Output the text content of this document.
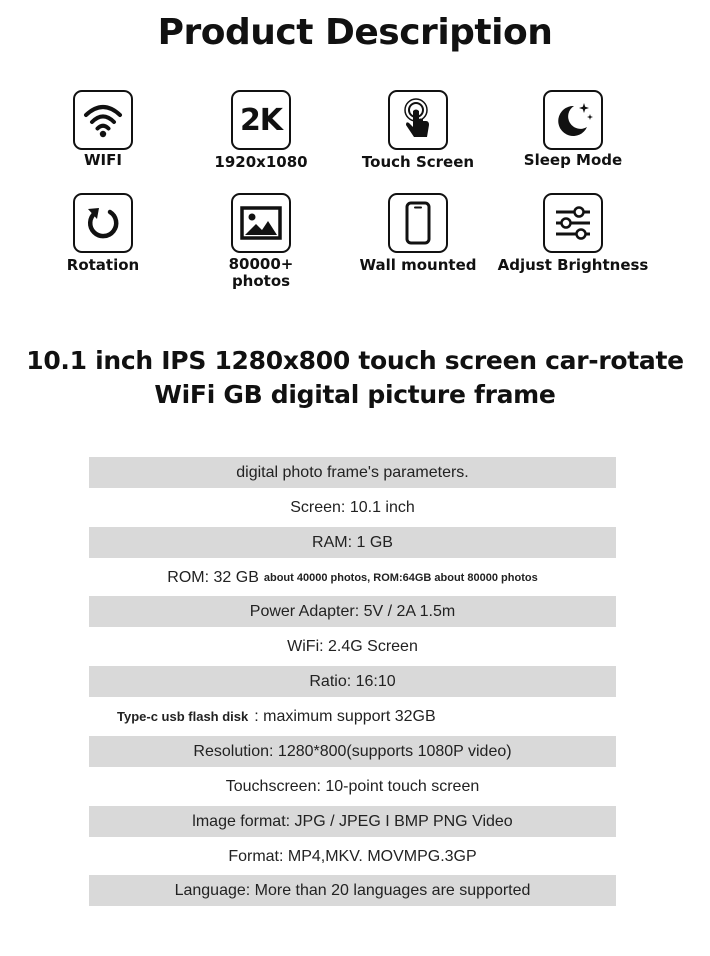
Product Description
WIFI
2K
1920x1080	Touch Screen	Sleep Mode
Rotation	80000+
photos
Wall mounted	Adjust Brightness
10.1 inch IPS 1280x800 touch screen car-rotate
WiFi GB digital picture frame
digital photo frame's parameters.
Screen: 10.1 inch
RAM: 1 GB
ROM: 32 GB about 40000 photos, ROM:64GB about 80000 photos
Power Adapter: 5V / 2A 1.5m
WiFi: 2.4G Screen
Ratio: 16:10
Type-c usb flash disk : maximum support 32GB
Resolution: 1280*800(supports 1080P video)
Touchscreen: 10-point touch screen
lmage format: JPG / JPEG I BMP PNG Video
Format: MP4,MKV. MOVMPG.3GP
Language: More than 20 languages are supported
